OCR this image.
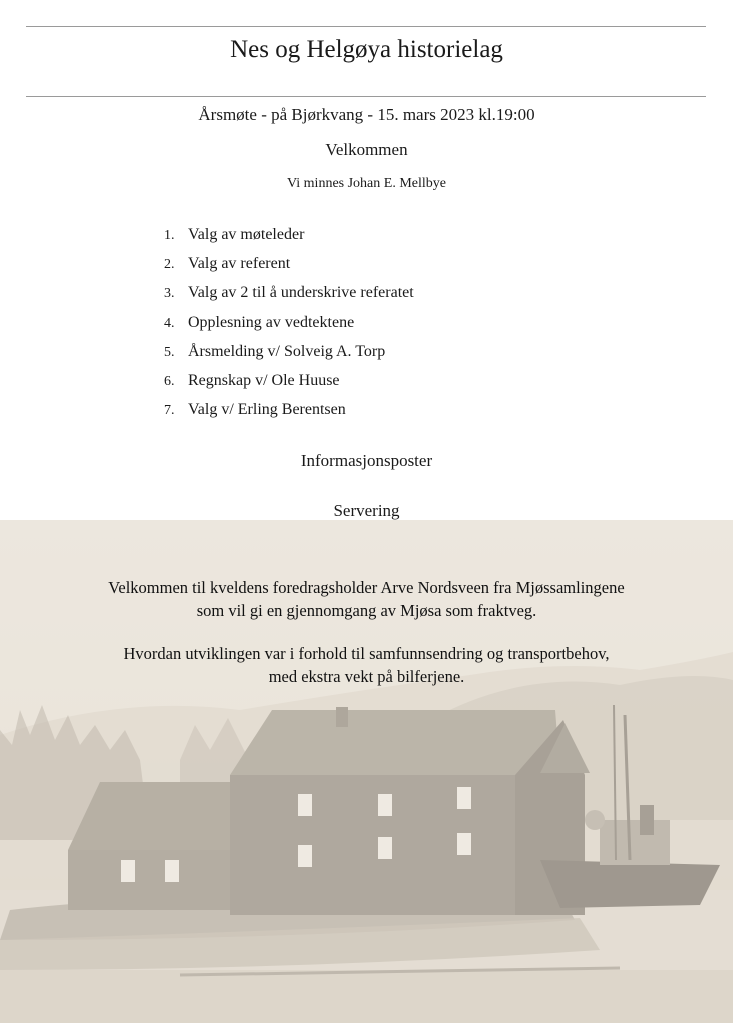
Nes og Helgøya historielag
Årsmøte - på Bjørkvang - 15. mars 2023 kl.19:00
Velkommen
Vi minnes Johan E. Mellbye
1. Valg av møteleder
2. Valg av referent
3. Valg av 2 til å underskrive referatet
4. Opplesning av vedtektene
5. Årsmelding v/ Solveig A. Torp
6. Regnskap v/ Ole Huuse
7. Valg v/ Erling Berentsen
Informasjonsposter
Servering
Velkommen til kveldens foredragsholder Arve Nordsveen fra Mjøssamlingene
som vil gi en gjennomgang av Mjøsa som fraktveg.
Hvordan utviklingen var i forhold til samfunnsendring og transportbehov,
med ekstra vekt på bilferjene.
